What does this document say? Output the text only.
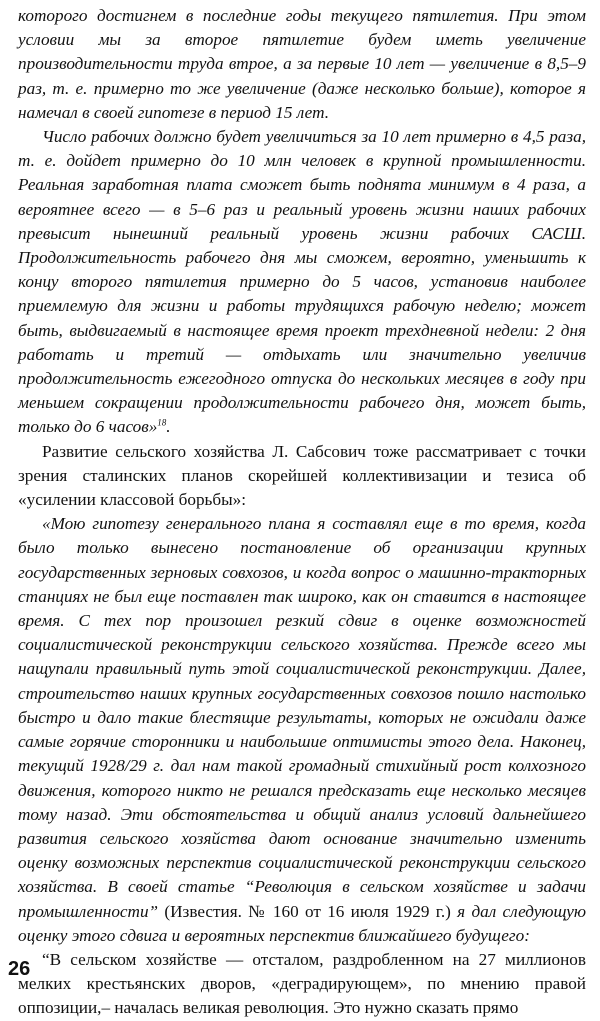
которого достигнем в последние годы текущего пятилетия. При этом условии мы за второе пятилетие будем иметь увеличение производительности труда втрое, а за первые 10 лет — увеличение в 8,5–9 раз, т. е. примерно то же увеличение (даже несколько больше), которое я намечал в своей гипотезе в период 15 лет.

Число рабочих должно будет увеличиться за 10 лет примерно в 4,5 раза, т. е. дойдет примерно до 10 млн человек в крупной промышленности. Реальная заработная плата сможет быть поднята минимум в 4 раза, а вероятнее всего — в 5–6 раз и реальный уровень жизни наших рабочих превысит нынешний реальный уровень жизни рабочих САСШ. Продолжительность рабочего дня мы сможем, вероятно, уменьшить к концу второго пятилетия примерно до 5 часов, установив наиболее приемлемую для жизни и работы трудящихся рабочую неделю; может быть, выдвигаемый в настоящее время проект трехдневной недели: 2 дня работать и третий — отдыхать или значительно увеличив продолжительность ежегодного отпуска до нескольких месяцев в году при меньшем сокращении продолжительности рабочего дня, может быть, только до 6 часов»$^{18}$.

Развитие сельского хозяйства Л. Сабсович тоже рассматривает с точки зрения сталинских планов скорейшей коллективизации и тезиса об «усилении классовой борьбы»:

«Мою гипотезу генерального плана я составлял еще в то время, когда было только вынесено постановление об организации крупных государственных зерновых совхозов, и когда вопрос о машинно-тракторных станциях не был еще поставлен так широко, как он ставится в настоящее время. С тех пор произошел резкий сдвиг в оценке возможностей социалистической реконструкции сельского хозяйства. Прежде всего мы нащупали правильный путь этой социалистической реконструкции. Далее, строительство наших крупных государственных совхозов пошло настолько быстро и дало такие блестящие результаты, которых не ожидали даже самые горячие сторонники и наибольшие оптимисты этого дела. Наконец, текущий 1928/29 г. дал нам такой громадный стихийный рост колхозного движения, которого никто не решался предсказать еще несколько месяцев тому назад. Эти обстоятельства и общий анализ условий дальнейшего развития сельского хозяйства дают основание значительно изменить оценку возможных перспектив социалистической реконструкции сельского хозяйства. В своей статье “Революция в сельском хозяйстве и задачи промышленности” (Известия. № 160 от 16 июля 1929 г.) я дал следующую оценку этого сдвига и вероятных перспектив ближайшего будущего:

“В сельском хозяйстве — отсталом, раздробленном на 27 миллионов мелких крестьянских дворов, «деградирующем», по мнению правой оппозиции,– началась великая революция. Это нужно сказать прямо

26
